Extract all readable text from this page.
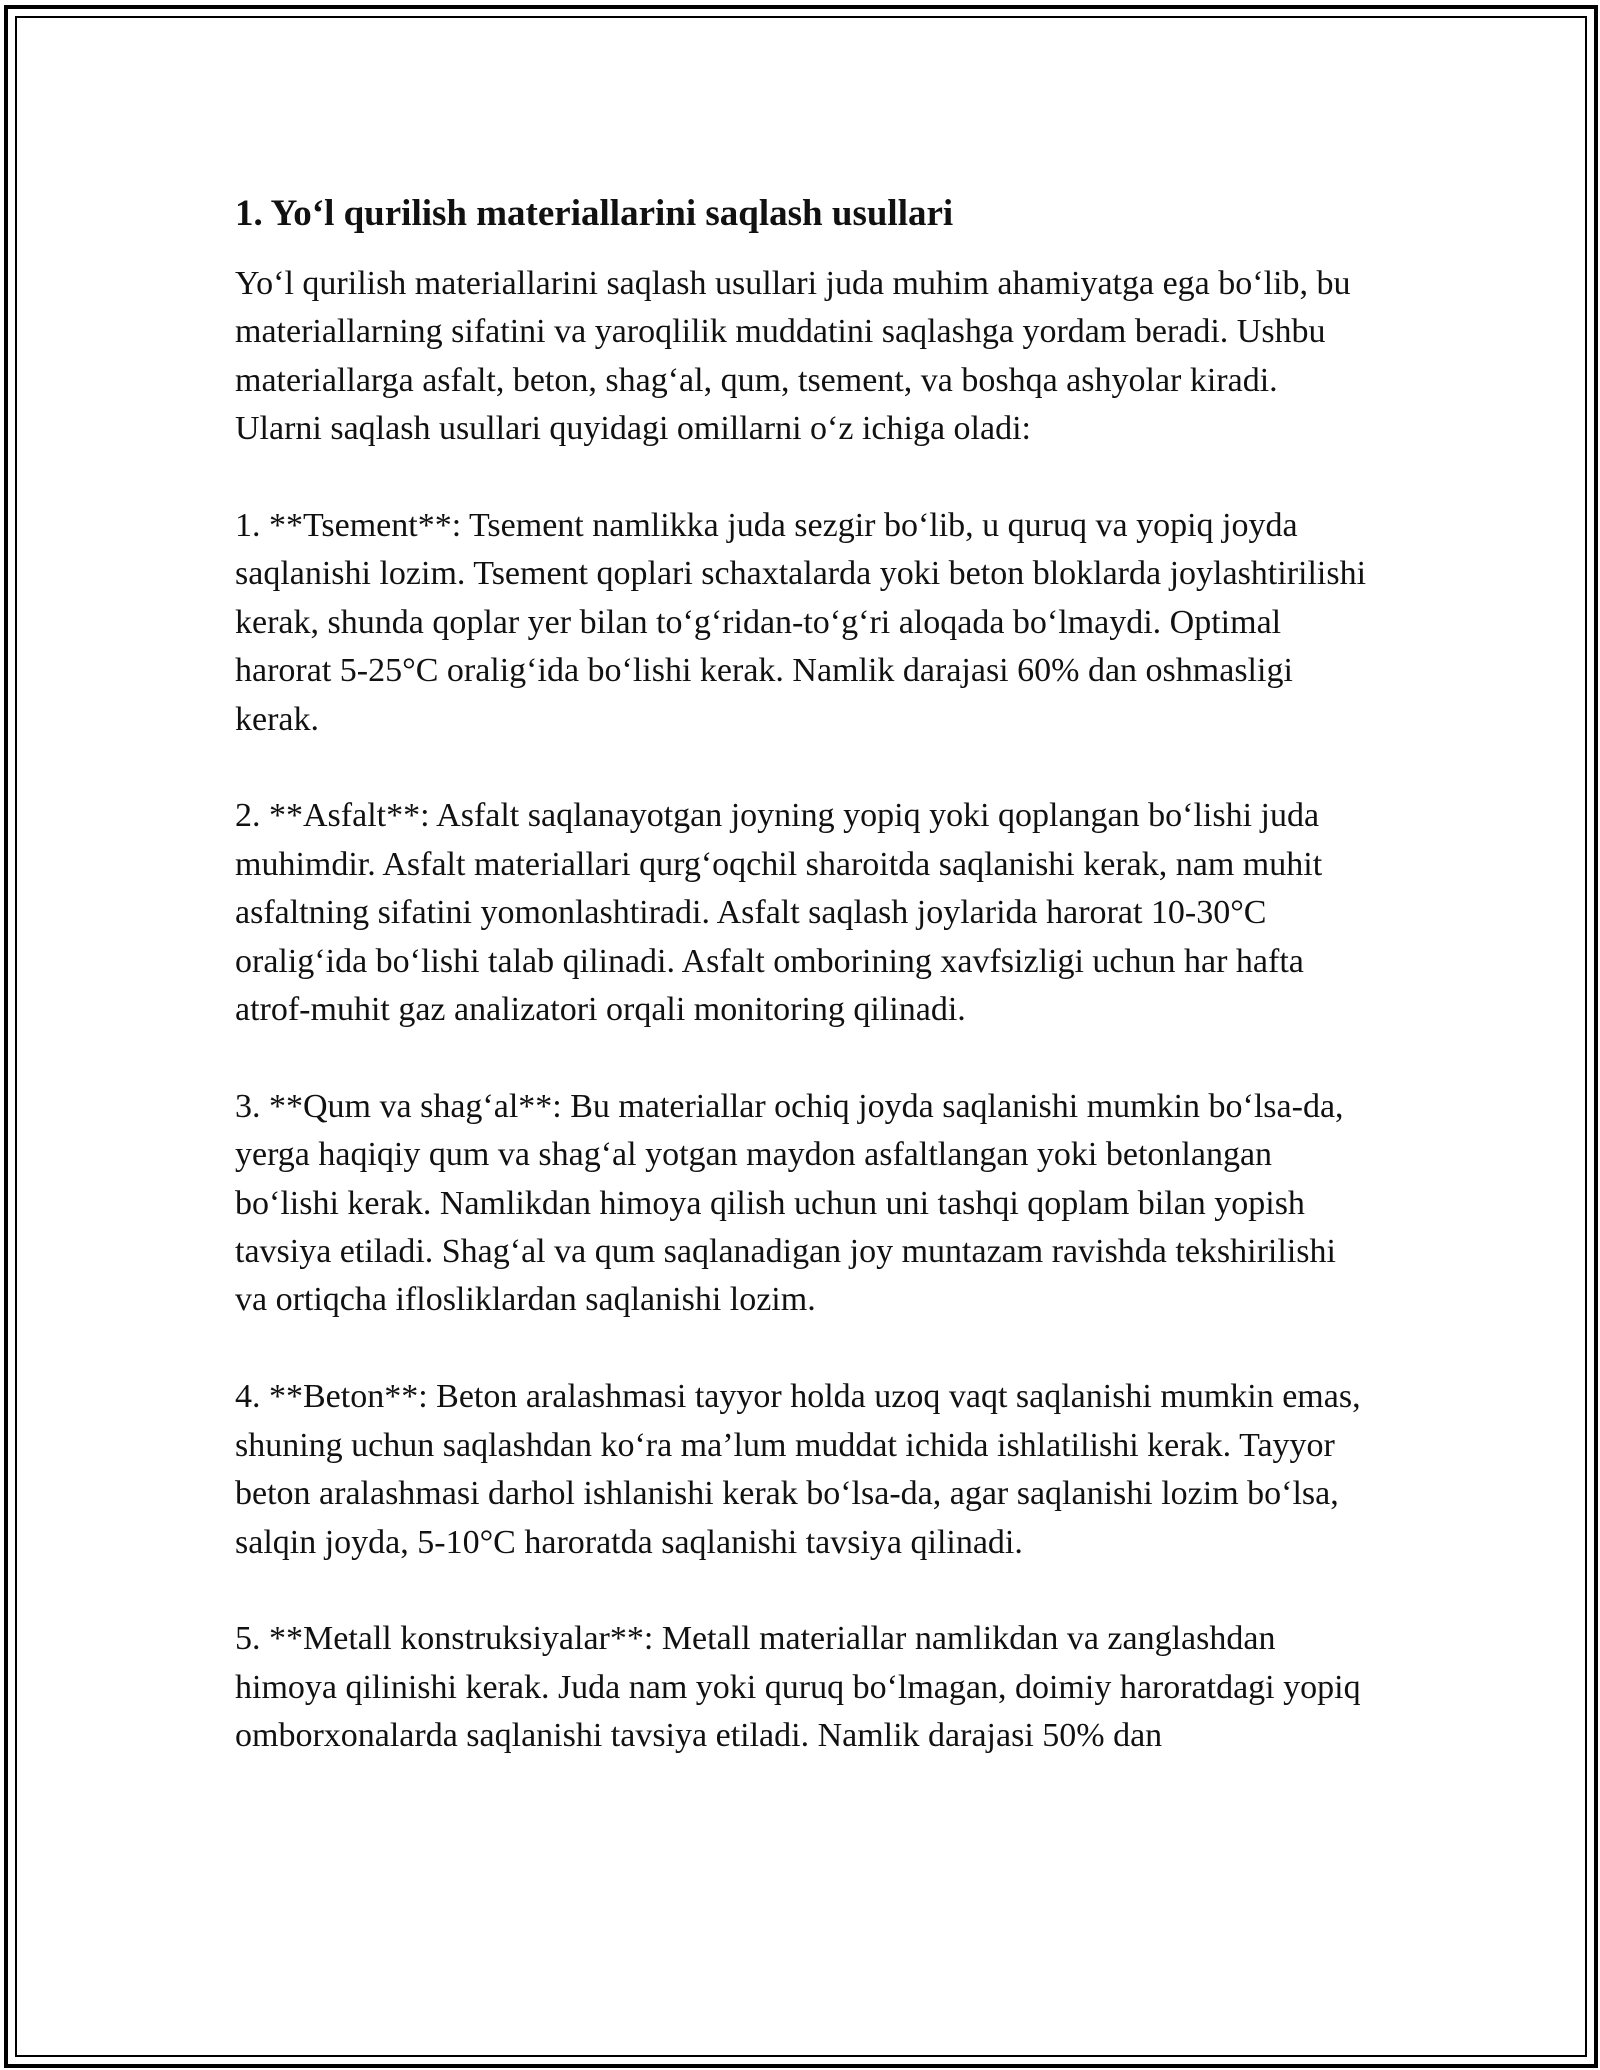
1. Yo‘l qurilish materiallarini saqlash usullari

Yo‘l qurilish materiallarini saqlash usullari juda muhim ahamiyatga ega bo‘lib, bu materiallarning sifatini va yaroqlilik muddatini saqlashga yordam beradi. Ushbu materiallarga asfalt, beton, shag‘al, qum, tsement, va boshqa ashyolar kiradi. Ularni saqlash usullari quyidagi omillarni o‘z ichiga oladi:

1. **Tsement**: Tsement namlikka juda sezgir bo‘lib, u quruq va yopiq joyda saqlanishi lozim. Tsement qoplari schaxtalarda yoki beton bloklarda joylashtirilishi kerak, shunda qoplar yer bilan to‘g‘ridan-to‘g‘ri aloqada bo‘lmaydi. Optimal harorat 5-25°C oralig‘ida bo‘lishi kerak. Namlik darajasi 60% dan oshmasligi kerak.

2. **Asfalt**: Asfalt saqlanayotgan joyning yopiq yoki qoplangan bo‘lishi juda muhimdir. Asfalt materiallari qurg‘oqchil sharoitda saqlanishi kerak, nam muhit asfaltning sifatini yomonlashtiradi. Asfalt saqlash joylarida harorat 10-30°C oralig‘ida bo‘lishi talab qilinadi. Asfalt omborining xavfsizligi uchun har hafta atrof-muhit gaz analizatori orqali monitoring qilinadi.

3. **Qum va shag‘al**: Bu materiallar ochiq joyda saqlanishi mumkin bo‘lsa-da, yerga haqiqiy qum va shag‘al yotgan maydon asfaltlangan yoki betonlangan bo‘lishi kerak. Namlikdan himoya qilish uchun uni tashqi qoplam bilan yopish tavsiya etiladi. Shag‘al va qum saqlanadigan joy muntazam ravishda tekshirilishi va ortiqcha iflosliklardan saqlanishi lozim.

4. **Beton**: Beton aralashmasi tayyor holda uzoq vaqt saqlanishi mumkin emas, shuning uchun saqlashdan ko‘ra ma’lum muddat ichida ishlatilishi kerak. Tayyor beton aralashmasi darhol ishlanishi kerak bo‘lsa-da, agar saqlanishi lozim bo‘lsa, salqin joyda, 5-10°C haroratda saqlanishi tavsiya qilinadi.

5. **Metall konstruksiyalar**: Metall materiallar namlikdan va zanglashdan himoya qilinishi kerak. Juda nam yoki quruq bo‘lmagan, doimiy haroratdagi yopiq omborxonalarda saqlanishi tavsiya etiladi. Namlik darajasi 50% dan
